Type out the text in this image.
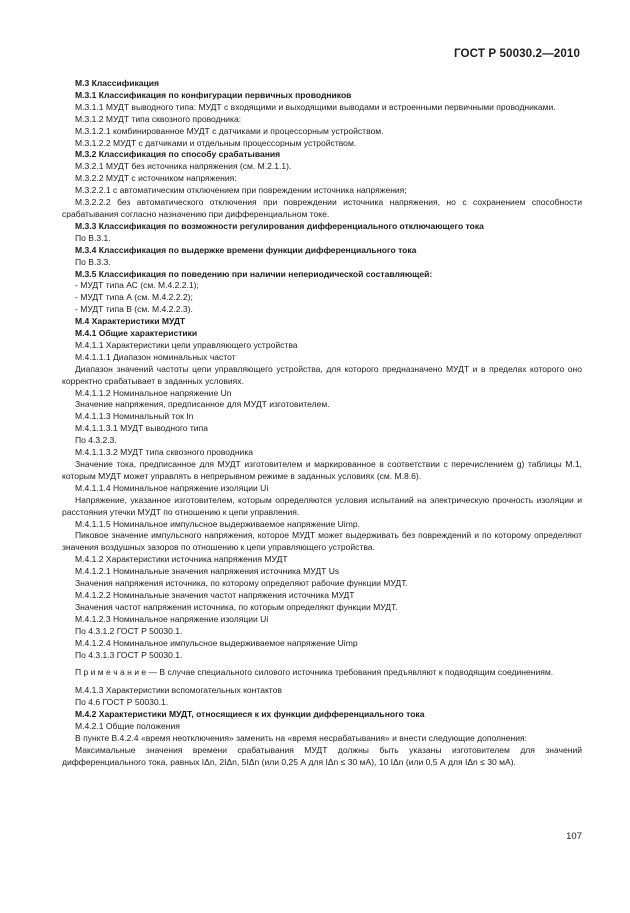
ГОСТ Р 50030.2—2010

М.3 Классификация

М.3.1 Классификация по конфигурации первичных проводников

М.3.1.1 МУДТ выводного типа: МУДТ с входящими и выходящими выводами и встроенными первичными проводниками.

М.3.1.2 МУДТ типа сквозного проводника:

М.3.1.2.1 комбинированное МУДТ с датчиками и процессорным устройством.

М.3.1.2.2 МУДТ с датчиками и отдельным процессорным устройством.

М.3.2 Классификация по способу срабатывания

М.3.2.1 МУДТ без источника напряжения (см. М.2.1.1).

М.3.2.2 МУДТ с источником напряжения:

М.3.2.2.1 с автоматическим отключением при повреждении источника напряжения;

М.3.2.2.2 без автоматического отключения при повреждении источника напряжения, но с сохранением способности срабатывания согласно назначению при дифференциальном токе.

М.3.3 Классификация по возможности регулирования дифференциального отключающего тока

По В.3.1.

М.3.4 Классификация по выдержке времени функции дифференциального тока

По В.3.3.

М.3.5 Классификация по поведению при наличии непериодической составляющей:

- МУДТ типа АС (см. М.4.2.2.1);

- МУДТ типа А (см. М.4.2.2.2);

- МУДТ типа В (см. М.4.2.2.3).

М.4 Характеристики МУДТ

М.4.1 Общие характеристики

М.4.1.1 Характеристики цепи управляющего устройства

М.4.1.1.1 Диапазон номинальных частот

Диапазон значений частоты цепи управляющего устройства, для которого предназначено МУДТ и в пределах которого оно корректно срабатывает в заданных условиях.

М.4.1.1.2 Номинальное напряжение Un

Значение напряжения, предписанное для МУДТ изготовителем.

М.4.1.1.3 Номинальный ток In

М.4.1.1.3.1 МУДТ выводного типа

По 4.3.2.3.

М.4.1.1.3.2 МУДТ типа сквозного проводника

Значение тока, предписанное для МУДТ изготовителем и маркированное в соответствии с перечислением g) таблицы М.1, которым МУДТ может управлять в непрерывном режиме в заданных условиях (см. М.8.6).

М.4.1.1.4 Номинальное напряжение изоляции Ui

Напряжение, указанное изготовителем, которым определяются условия испытаний на электрическую прочность изоляции и расстояния утечки МУДТ по отношению к цепи управления.

М.4.1.1.5 Номинальное импульсное выдерживаемое напряжение Uimp.

Пиковое значение импульсного напряжения, которое МУДТ может выдерживать без повреждений и по которому определяют значения воздушных зазоров по отношению к цепи управляющего устройства.

М.4.1.2 Характеристики источника напряжения МУДТ

М.4.1.2.1 Номинальные значения напряжения источника МУДТ Us

Значения напряжения источника, по которому определяют рабочие функции МУДТ.

М.4.1.2.2 Номинальные значения частот напряжения источника МУДТ

Значения частот напряжения источника, по которым определяют функции МУДТ.

М.4.1.2.3 Номинальное напряжение изоляции Ui

По 4.3.1.2 ГОСТ Р 50030.1.

М.4.1.2.4 Номинальное импульсное выдерживаемое напряжение Uimp

По 4.3.1.3 ГОСТ Р 50030.1.

П р и м е ч а н и е — В случае специального силового источника требования предъявляют к подводящим соединениям.

М.4.1.3 Характеристики вспомогательных контактов

По 4.6 ГОСТ Р 50030.1.

М.4.2 Характеристики МУДТ, относящиеся к их функции дифференциального тока

М.4.2.1 Общие положения

В пункте В.4.2.4 «время неотключения» заменить на «время несрабатывания» и внести следующие дополнения:

Максимальные значения времени срабатывания МУДТ должны быть указаны изготовителем для значений дифференциального тока, равных IΔn, 2IΔn, 5IΔn (или 0,25 А для IΔn ≤ 30 мА), 10 IΔn (или 0,5 А для IΔn ≤ 30 мА).

107
